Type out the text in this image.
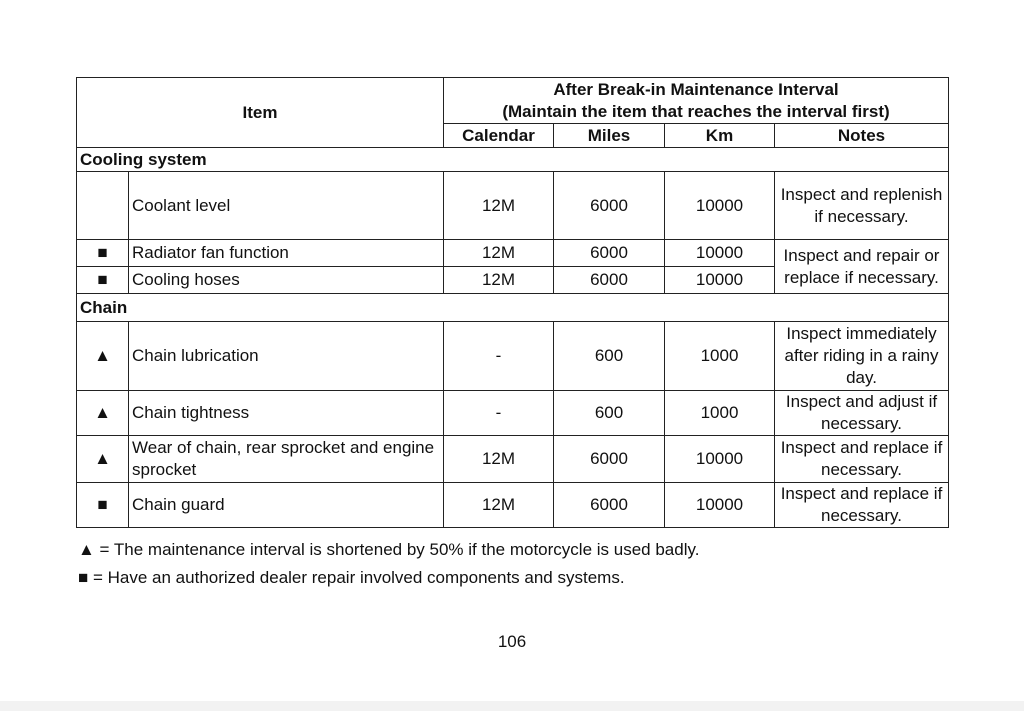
Item		After Break-in Maintenance Interval
(Maintain the item that reaches the interval first)			

		Calendar	Miles	Km	Notes
Cooling system					
	Coolant level	12M	6000	10000	Inspect and replenish if necessary.
■	Radiator fan function	12M	6000	10000	Inspect and repair or replace if necessary.
■	Cooling hoses	12M	6000	10000	
Chain					
▲	Chain lubrication	-	600	1000	Inspect immediately after riding in a rainy day.
▲	Chain tightness	-	600	1000	Inspect and adjust if necessary.
▲	Wear of chain, rear sprocket and engine sprocket	12M	6000	10000	Inspect and replace if necessary.
■	Chain guard	12M	6000	10000	Inspect and replace if necessary.
▲ = The maintenance interval is shortened by 50% if the motorcycle is used badly.
■ = Have an authorized dealer repair involved components and systems.
106
